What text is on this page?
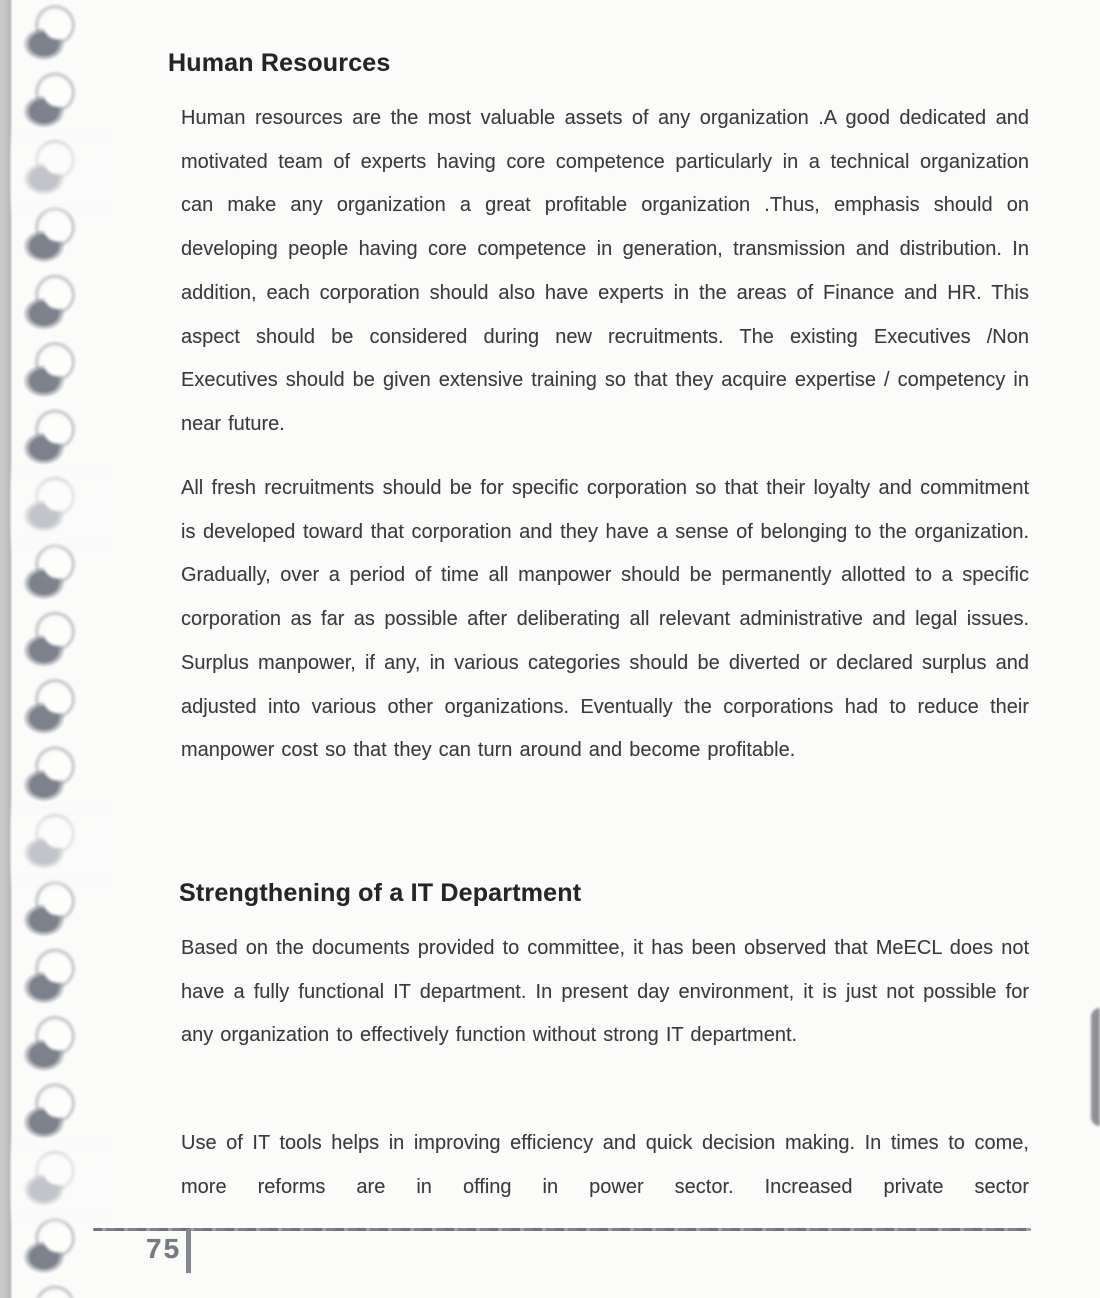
Human Resources

Human resources are the most valuable assets of any organization .A good dedicated and motivated team of experts having core competence particularly in a technical organization can make any organization a great profitable organization .Thus, emphasis should on developing people having core competence in generation, transmission and distribution. In addition, each corporation should also have experts in the areas of Finance and HR. This aspect should be considered during new recruitments. The existing Executives /Non Executives should be given extensive training so that they acquire expertise / competency in near future.

All fresh recruitments should be for specific corporation so that their loyalty and commitment is developed toward that corporation and they have a sense of belonging to the organization. Gradually, over a period of time all manpower should be permanently allotted to a specific corporation as far as possible after deliberating all relevant administrative and legal issues. Surplus manpower, if any, in various categories should be diverted or declared surplus and adjusted into various other organizations. Eventually the corporations had to reduce their manpower cost so that they can turn around and become profitable.

Strengthening of a IT Department

Based on the documents provided to committee, it has been observed that MeECL does not have a fully functional IT department. In present day environment, it is just not possible for any organization to effectively function without strong IT department.

Use of IT tools helps in improving efficiency and quick decision making. In times to come, more reforms are in offing in power sector. Increased private sector

75
